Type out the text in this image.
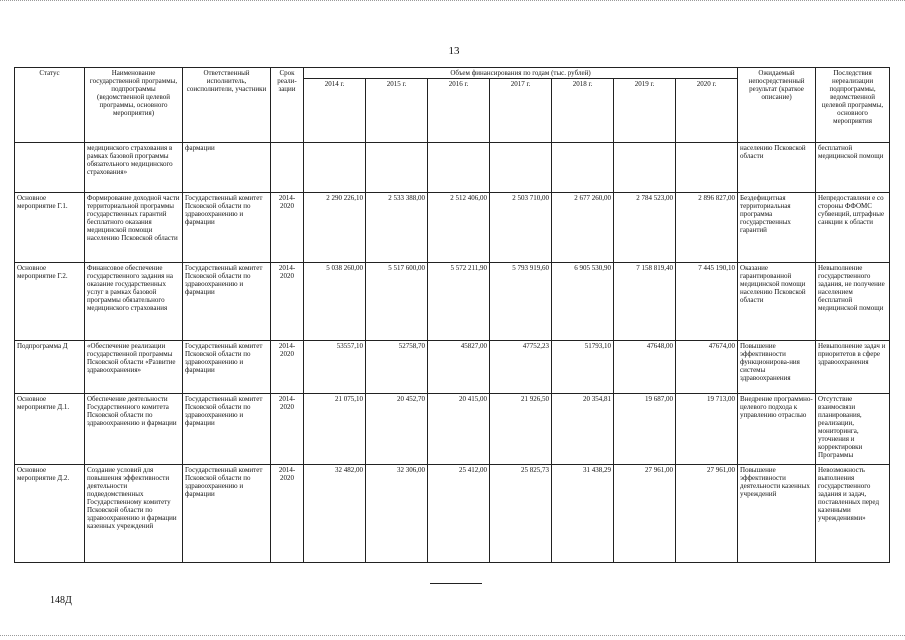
13
Статус	Наименование государственной программы, подпрограммы (ведомственной целевой программы, основного мероприятия)	Ответственный исполнитель, соисполнители, участники	Срок реали-зации	Объем финансирования по годам (тыс. рублей)							Ожидаемый непосредственный результат (краткое описание)	Последствия нереализации подпрограммы, ведомственной целевой программы, основного мероприятия
				2014 г.	2015 г.	2016 г.	2017 г.	2018 г.	2019 г.	2020 г.		
	медицинского страхования в рамках базовой программы обязательного медицинского страхования»	фармации									населению Псковской области	бесплатной медицинской помощи
Основное мероприятие Г.1.	Формирование доходной части территориальной программы государственных гарантий бесплатного оказания медицинской помощи населению Псковской области	Государственный комитет Псковской области по здравоохранению и фармации	2014-2020	2 290 226,10	2 533 388,00	2 512 406,00	2 503 710,00	2 677 260,00	2 784 523,00	2 896 827,00	Бездефицитная территориальная программа государственных гарантий	Непредоставлени е со стороны ФФОМС субвенций, штрафные санкции к области
Основное мероприятие Г.2.	Финансовое обеспечение государственного задания на оказание государственных услуг в рамках базовой программы обязательного медицинского страхования	Государственный комитет Псковской области по здравоохранению и фармации	2014-2020	5 038 260,00	5 517 600,00	5 572 211,90	5 793 919,60	6 905 530,90	7 158 819,40	7 445 190,10	Оказание гарантированной медицинской помощи населению Псковской области	Невыполнение государственного задания, не получение населением бесплатной медицинской помощи
Подпрограмма Д	«Обеспечение реализации государственной программы Псковской области «Развитие здравоохранения»	Государственный комитет Псковской области по здравоохранению и фармации	2014-2020	53557,10	52758,70	45827,00	47752,23	51793,10	47648,00	47674,00	Повышение эффективности функционирова-ния системы здравоохранения	Невыполнение задач и приоритетов в сфере здравоохранения
Основное мероприятие Д.1.	Обеспечение деятельности Государственного комитета Псковской области по здравоохранению и фармации	Государственный комитет Псковской области по здравоохранению и фармации	2014-2020	21 075,10	20 452,70	20 415,00	21 926,50	20 354,81	19 687,00	19 713,00	Внедрение программно-целевого подхода к управлению отраслью	Отсутствие взаимосвязи планирования, реализации, мониторинга, уточнения и корректировки Программы
Основное мероприятие Д.2.	Создание условий для повышения эффективности деятельности подведомственных Государственному комитету Псковской области по здравоохранению и фармации казенных учреждений	Государственный комитет Псковской области по здравоохранению и фармации	2014-2020	32 482,00	32 306,00	25 412,00	25 825,73	31 438,29	27 961,00	27 961,00	Повышение эффективности деятельности казенных учреждений	Невозможность выполнения государственного задания и задач, поставленных перед казенными учреждениями»
148Д
